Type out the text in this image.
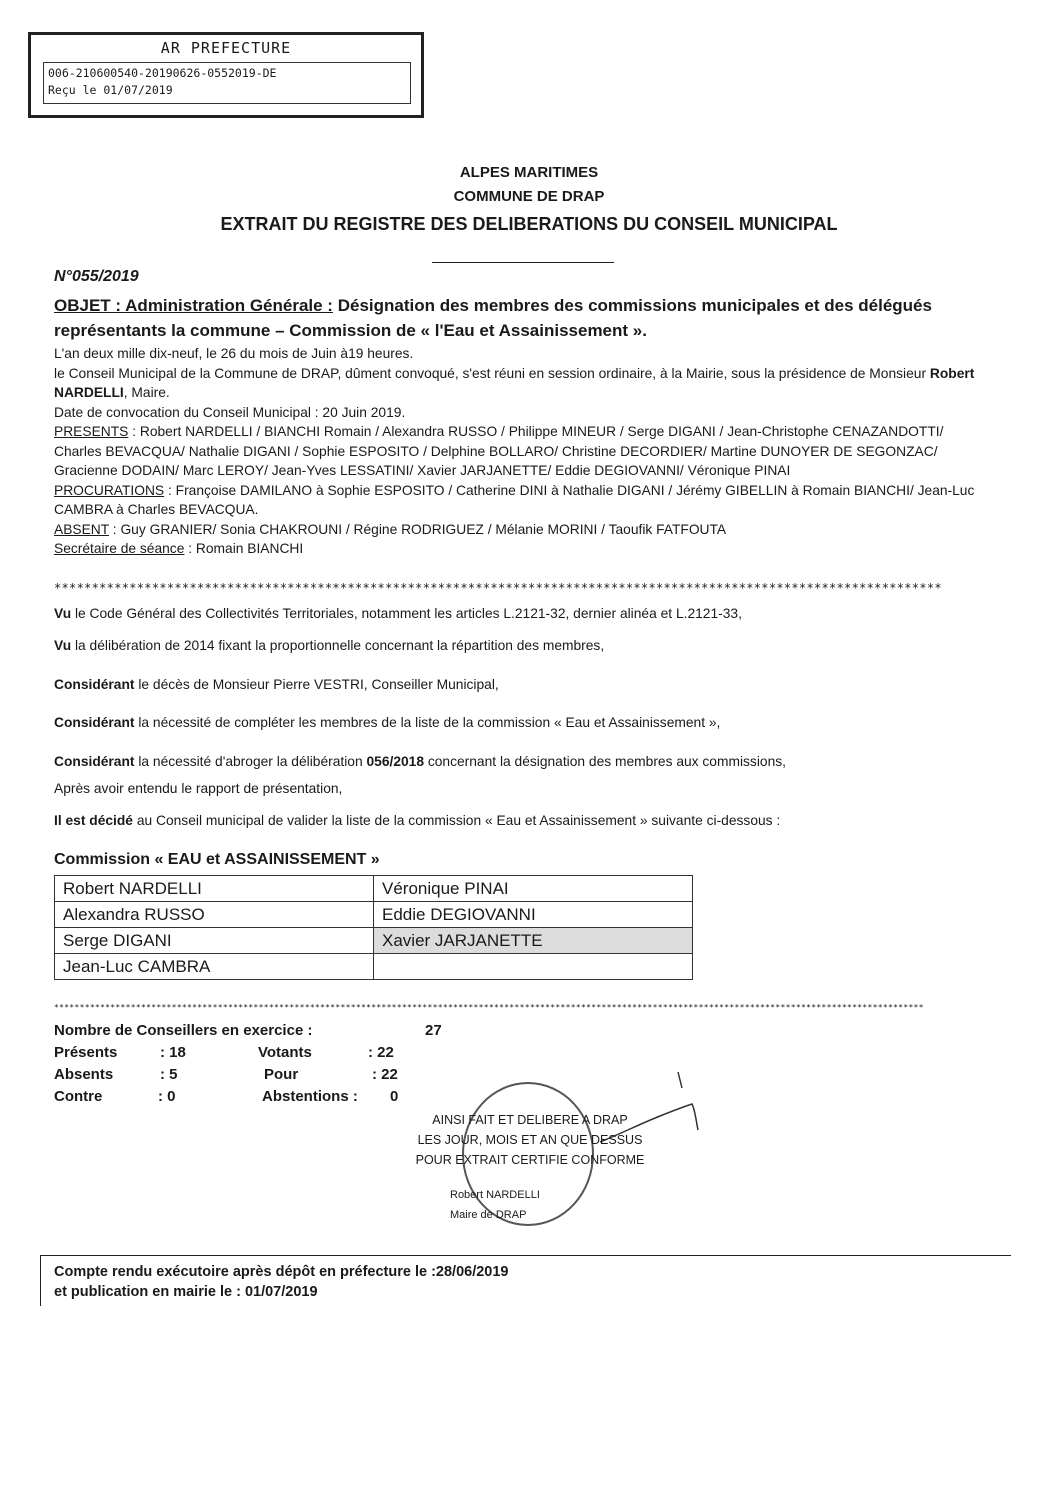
AR PREFECTURE
006-210600540-20190626-0552019-DE
Reçu le 01/07/2019
ALPES MARITIMES
COMMUNE DE DRAP
EXTRAIT DU REGISTRE DES DELIBERATIONS DU CONSEIL MUNICIPAL
N°055/2019
OBJET : Administration Générale : Désignation des membres des commissions municipales et des délégués représentants la commune – Commission de « l'Eau et Assainissement ».
L'an deux mille dix-neuf, le 26 du mois de Juin à19 heures.
le Conseil Municipal de la Commune de DRAP, dûment convoqué, s'est réuni en session ordinaire, à la Mairie, sous la présidence de Monsieur Robert NARDELLI, Maire.
Date de convocation du Conseil Municipal : 20 Juin 2019.
PRESENTS : Robert NARDELLI / BIANCHI Romain / Alexandra RUSSO / Philippe MINEUR / Serge DIGANI / Jean-Christophe CENAZANDOTTI/ Charles BEVACQUA/ Nathalie DIGANI / Sophie ESPOSITO / Delphine BOLLARO/ Christine DECORDIER/ Martine DUNOYER DE SEGONZAC/ Gracienne DODAIN/ Marc LEROY/ Jean-Yves LESSATINI/ Xavier JARJANETTE/ Eddie DEGIOVANNI/ Véronique PINAI
PROCURATIONS : Françoise DAMILANO à Sophie ESPOSITO / Catherine DINI à Nathalie DIGANI / Jérémy GIBELLIN à Romain BIANCHI/ Jean-Luc CAMBRA à Charles BEVACQUA.
ABSENT : Guy GRANIER/ Sonia CHAKROUNI / Régine RODRIGUEZ / Mélanie MORINI / Taoufik FATFOUTA
Secrétaire de séance : Romain BIANCHI
**********************************************************************************************************************
Vu le Code Général des Collectivités Territoriales, notamment les articles L.2121-32, dernier alinéa et L.2121-33,
Vu la délibération de 2014 fixant la proportionnelle concernant la répartition des membres,
Considérant le décès de Monsieur Pierre VESTRI, Conseiller Municipal,
Considérant la nécessité de compléter les membres de la liste de la commission « Eau et Assainissement »,
Considérant la nécessité d'abroger la délibération 056/2018 concernant la désignation des membres aux commissions,
Après avoir entendu le rapport de présentation,
Il est décidé au Conseil municipal de valider la liste de la commission « Eau et Assainissement » suivante ci-dessous :
Commission « EAU et ASSAINISSEMENT »
Robert NARDELLI	Véronique PINAI
Alexandra RUSSO	Eddie DEGIOVANNI
Serge DIGANI	Xavier JARJANETTE
Jean-Luc CAMBRA	
**************************************************************************************************************************************************************************
Nombre de Conseillers en exercice :	27
Présents	: 18	Votants	: 22
Absents	: 5	Pour	: 22
Contre	: 0	Abstentions : 0
AINSI FAIT ET DELIBERE A DRAP
LES JOUR, MOIS ET AN QUE DESSUS
POUR EXTRAIT CERTIFIE CONFORME
Robert NARDELLI
Maire de DRAP
Compte rendu exécutoire après dépôt en préfecture le :28/06/2019
et publication en mairie le : 01/07/2019
